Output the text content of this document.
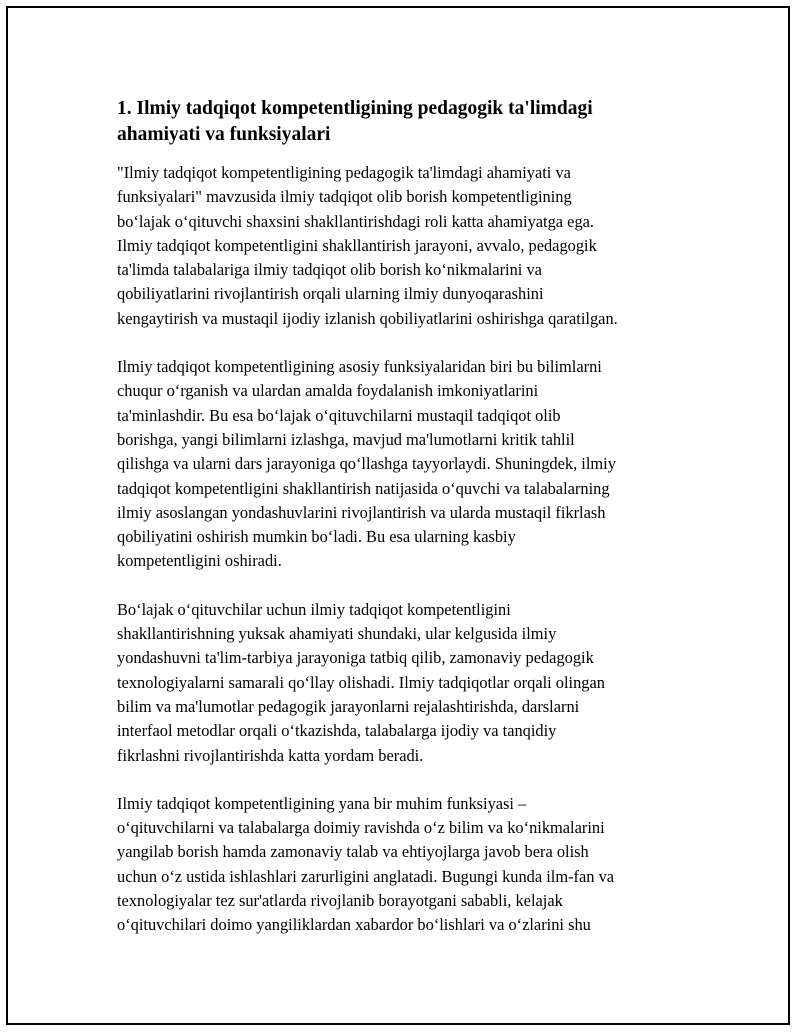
1. Ilmiy tadqiqot kompetentligining pedagogik ta'limdagi
ahamiyati va funksiyalari

"Ilmiy tadqiqot kompetentligining pedagogik ta'limdagi ahamiyati va
funksiyalari" mavzusida ilmiy tadqiqot olib borish kompetentligining
bo‘lajak o‘qituvchi shaxsini shakllantirishdagi roli katta ahamiyatga ega.
Ilmiy tadqiqot kompetentligini shakllantirish jarayoni, avvalo, pedagogik
ta'limda talabalariga ilmiy tadqiqot olib borish ko‘nikmalarini va
qobiliyatlarini rivojlantirish orqali ularning ilmiy dunyoqarashini
kengaytirish va mustaqil ijodiy izlanish qobiliyatlarini oshirishga qaratilgan.

Ilmiy tadqiqot kompetentligining asosiy funksiyalaridan biri bu bilimlarni
chuqur o‘rganish va ulardan amalda foydalanish imkoniyatlarini
ta'minlashdir. Bu esa bo‘lajak o‘qituvchilarni mustaqil tadqiqot olib
borishga, yangi bilimlarni izlashga, mavjud ma'lumotlarni kritik tahlil
qilishga va ularni dars jarayoniga qo‘llashga tayyorlaydi. Shuningdek, ilmiy
tadqiqot kompetentligini shakllantirish natijasida o‘quvchi va talabalarning
ilmiy asoslangan yondashuvlarini rivojlantirish va ularda mustaqil fikrlash
qobiliyatini oshirish mumkin bo‘ladi. Bu esa ularning kasbiy
kompetentligini oshiradi.

Bo‘lajak o‘qituvchilar uchun ilmiy tadqiqot kompetentligini
shakllantirishning yuksak ahamiyati shundaki, ular kelgusida ilmiy
yondashuvni ta'lim-tarbiya jarayoniga tatbiq qilib, zamonaviy pedagogik
texnologiyalarni samarali qo‘llay olishadi. Ilmiy tadqiqotlar orqali olingan
bilim va ma'lumotlar pedagogik jarayonlarni rejalashtirishda, darslarni
interfaol metodlar orqali o‘tkazishda, talabalarga ijodiy va tanqidiy
fikrlashni rivojlantirishda katta yordam beradi.

Ilmiy tadqiqot kompetentligining yana bir muhim funksiyasi –
o‘qituvchilarni va talabalarga doimiy ravishda o‘z bilim va ko‘nikmalarini
yangilab borish hamda zamonaviy talab va ehtiyojlarga javob bera olish
uchun o‘z ustida ishlashlari zarurligini anglatadi. Bugungi kunda ilm-fan va
texnologiyalar tez sur'atlarda rivojlanib borayotgani sababli, kelajak
o‘qituvchilari doimo yangiliklardan xabardor bo‘lishlari va o‘zlarini shu
